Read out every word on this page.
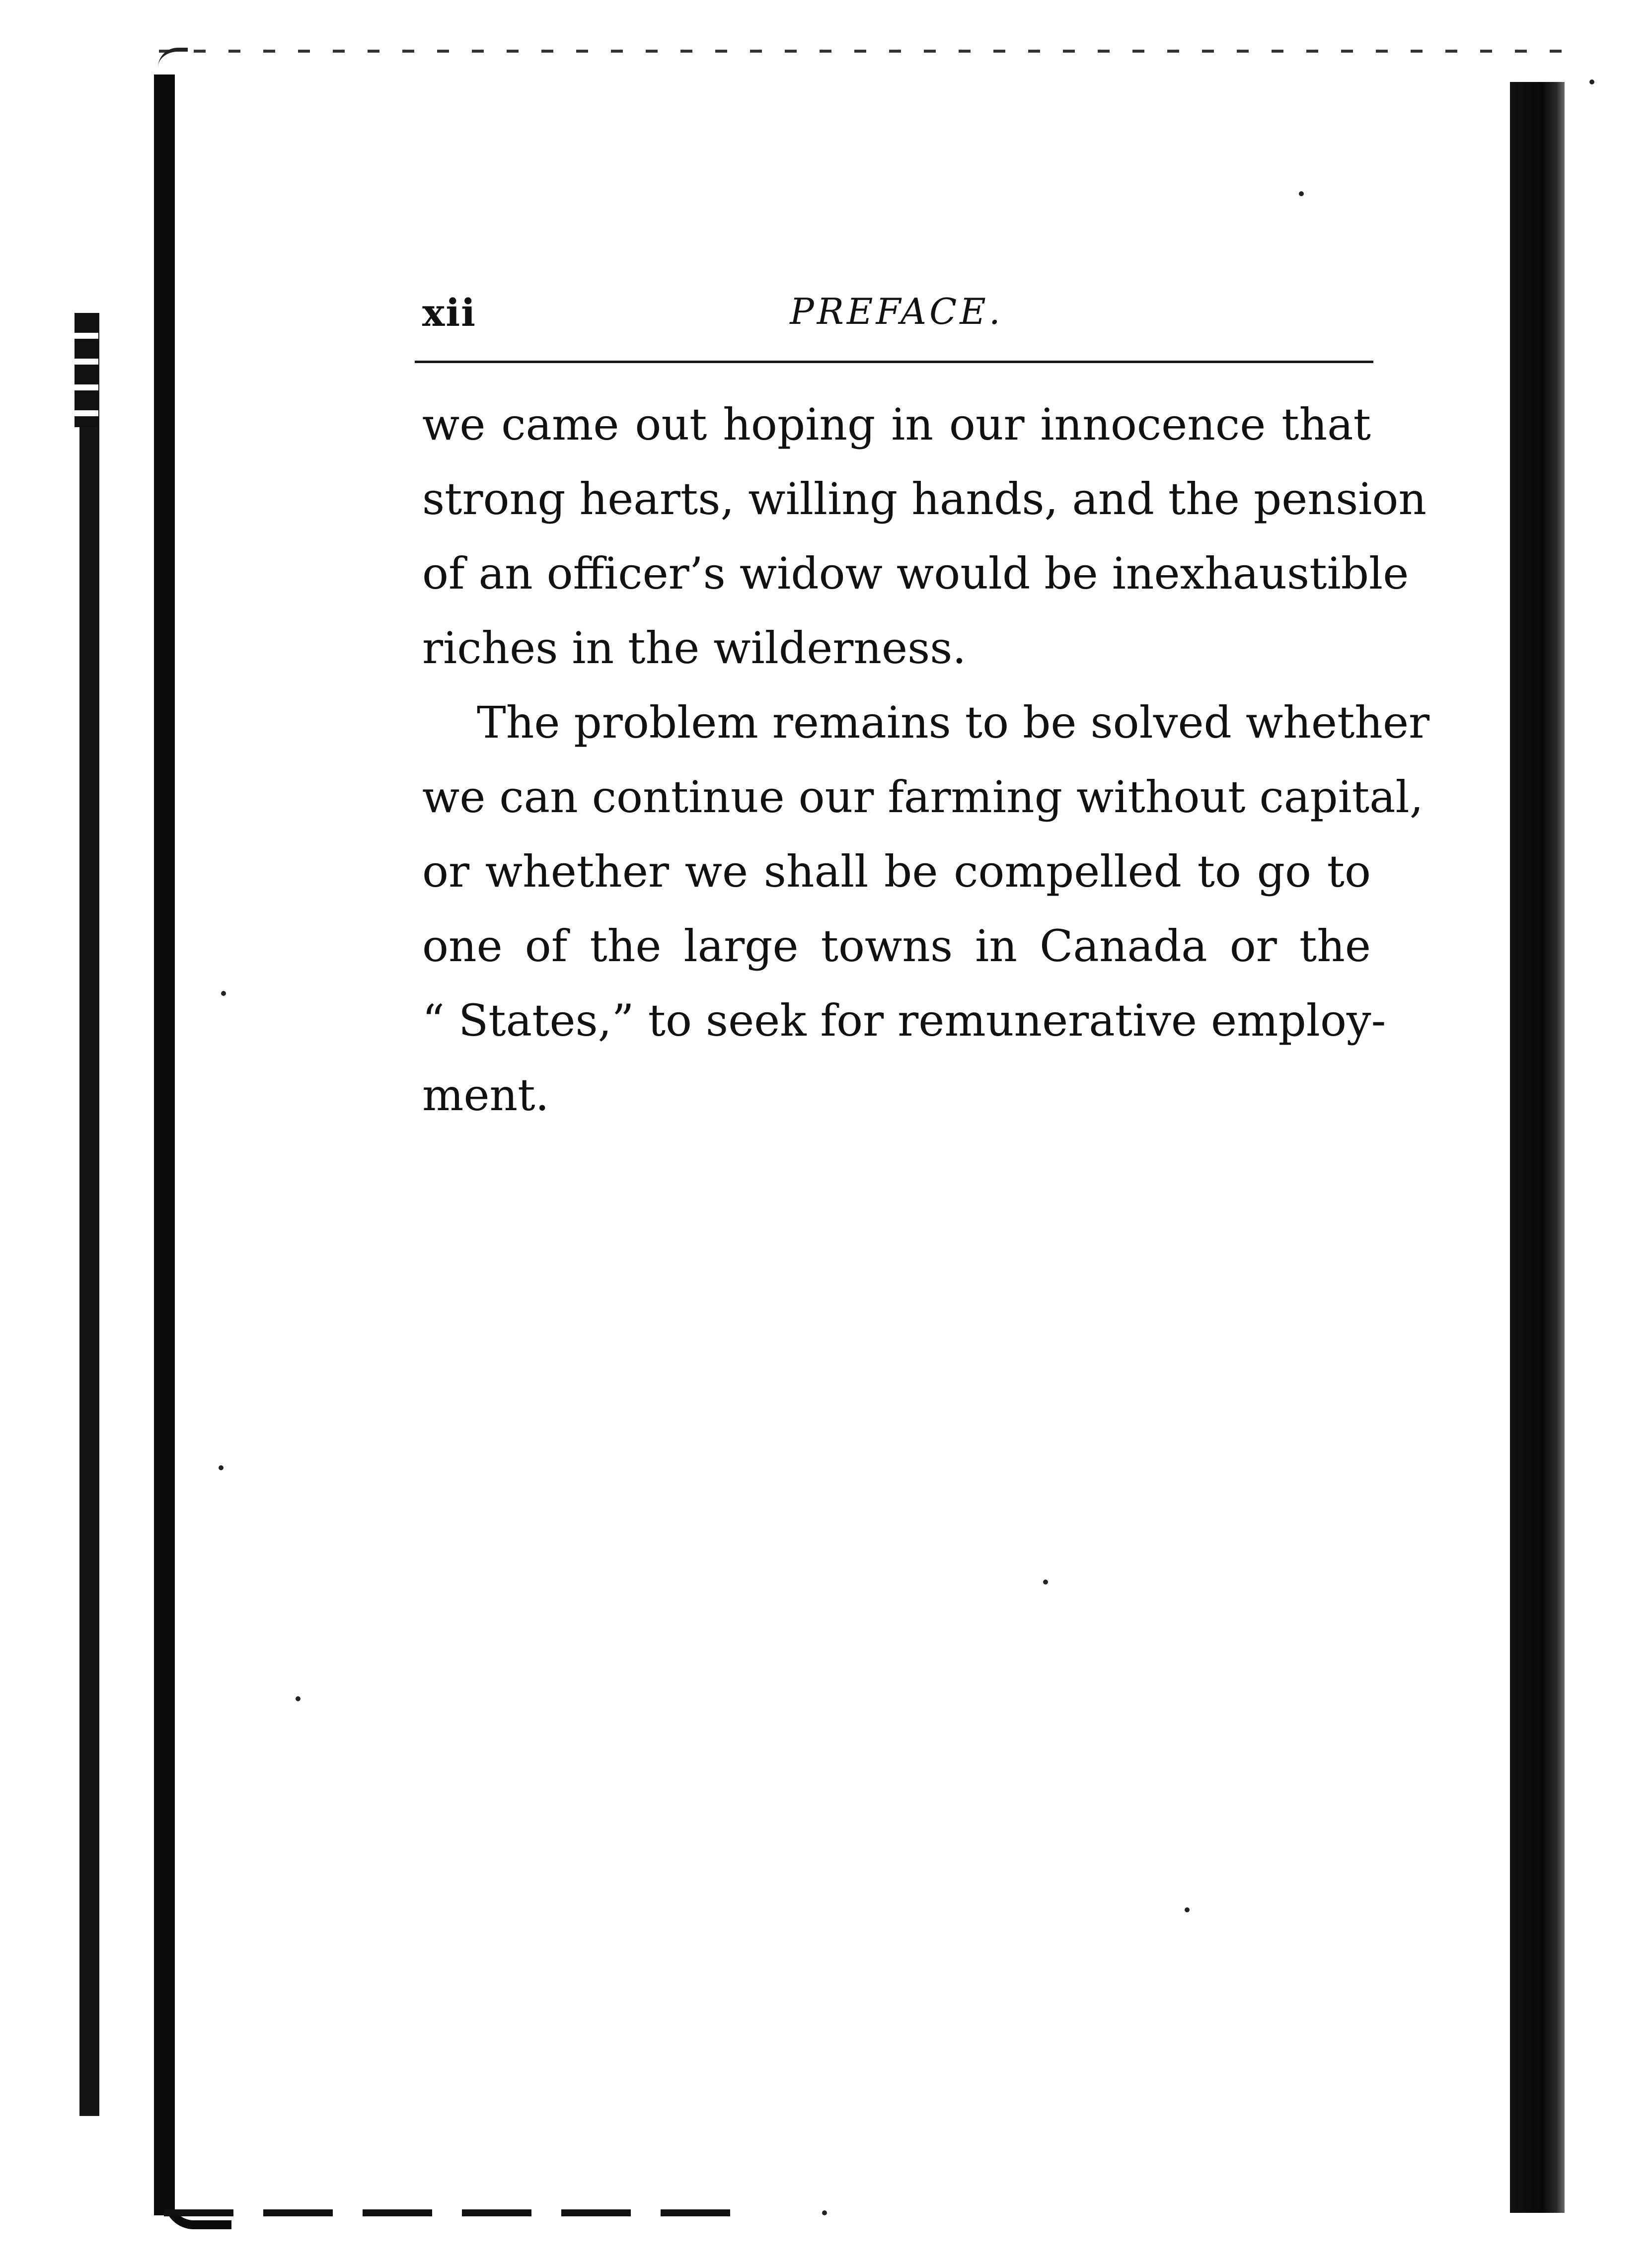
xii	PREFACE.
we came out hoping in our innocence that
strong hearts, willing hands, and the pension
of an officer’s widow would be inexhaustible
riches in the wilderness.
The problem remains to be solved whether
we can continue our farming without capital,
or whether we shall be compelled to go to
one of the large towns in Canada or the
“ States,” to seek for remunerative employ-
ment.
